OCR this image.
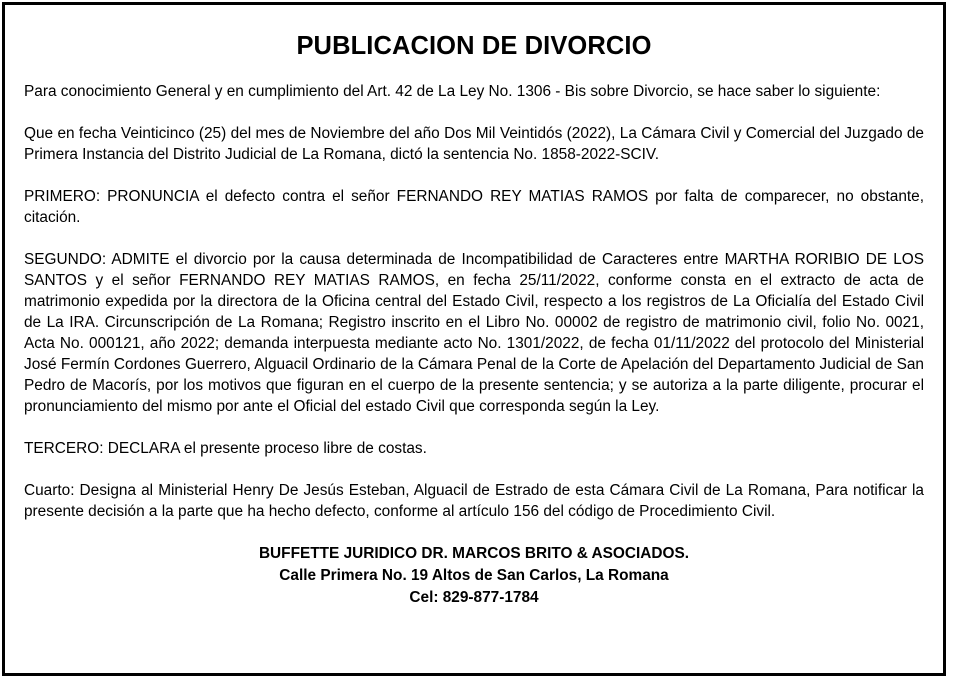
PUBLICACION DE DIVORCIO

Para conocimiento General y en cumplimiento del Art. 42 de La Ley No. 1306 - Bis sobre Divorcio, se hace saber lo siguiente:

Que en fecha Veinticinco (25) del mes de Noviembre del año Dos Mil Veintidós (2022), La Cámara Civil y Comercial del Juzgado de Primera Instancia del Distrito Judicial de La Romana, dictó la sentencia No. 1858-2022-SCIV.

PRIMERO: PRONUNCIA el defecto contra el señor FERNANDO REY MATIAS RAMOS por falta de comparecer, no obstante, citación.

SEGUNDO: ADMITE el divorcio por la causa determinada de Incompatibilidad de Caracteres entre MARTHA RORIBIO DE LOS SANTOS y el señor FERNANDO REY MATIAS RAMOS, en fecha 25/11/2022, conforme consta en el extracto de acta de matrimonio expedida por la directora de la Oficina central del Estado Civil, respecto a los registros de La Oficialía del Estado Civil de La IRA. Circunscripción de La Romana; Registro inscrito en el Libro No. 00002 de registro de matrimonio civil, folio No. 0021, Acta No. 000121, año 2022; demanda interpuesta mediante acto No. 1301/2022, de fecha 01/11/2022 del protocolo del Ministerial José Fermín Cordones Guerrero, Alguacil Ordinario de la Cámara Penal de la Corte de Apelación del Departamento Judicial de San Pedro de Macorís, por los motivos que figuran en el cuerpo de la presente sentencia; y se autoriza a la parte diligente, procurar el pronunciamiento del mismo por ante el Oficial del estado Civil que corresponda según la Ley.

TERCERO: DECLARA el presente proceso libre de costas.

Cuarto: Designa al Ministerial Henry De Jesús Esteban, Alguacil de Estrado de esta Cámara Civil de La Romana, Para notificar la presente decisión a la parte que ha hecho defecto, conforme al artículo 156 del código de Procedimiento Civil.

BUFFETTE JURIDICO DR. MARCOS BRITO & ASOCIADOS.
Calle Primera No. 19 Altos de San Carlos, La Romana
Cel: 829-877-1784
